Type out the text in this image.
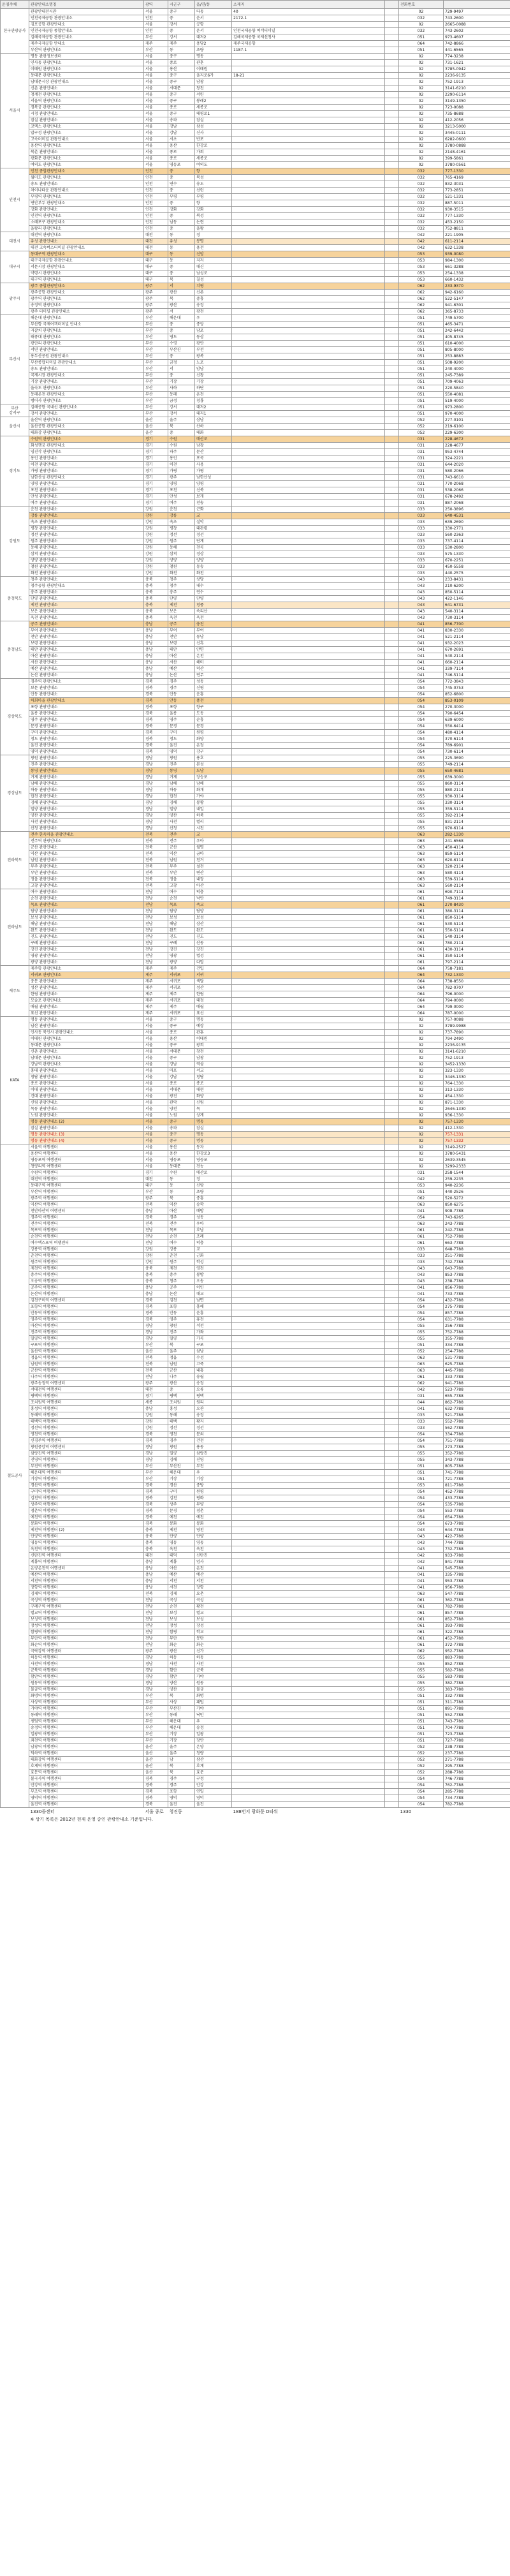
운영주체	관광안내소명칭	광역	시군구	읍/면/동	소재지		전화번호	
한국관광공사	관광안내전시관	서울	중구	다동	40		02	729-9497
	인천국제공항 관광안내소	인천	중	운서	2172-1		032	743-2600
	김포공항 관광안내소	서울	강서	공항			02	2665-0088
	인천국제공항 종합안내소	인천	중	운서	인천국제공항 여객터미널		032	743-2602
	김해국제공항 관광안내소	부산	강서	대저2	김해국제공항 국제선청사		051	973-4607
	제주국제공항 안내소	제주	제주	용담2	제주국제공항		064	742-8866
	부산역 관광안내소	부산	동	초량	1187-1		051	441-6565
서울시	명동 관광정보센터	서울	중구	명동			02	774-3238
	인사동 관광안내소	서울	종로	관훈			02	731-1621
	이태원 관광안내소	서울	용산	이태원			02	3785-0942
	동대문 관광안내소	서울	중구	을지로6가	18-21		02	2236-9135
	남대문시장 관광안내소	서울	중구	남창			02	752-1913
	신촌 관광안내소	서울	서대문	창천			02	3141-6210
	청계천 관광안내소	서울	중구	서린			02	2290-6114
	서울역 관광안내소	서울	중구	봉래2			02	3149-1350
	경복궁 관광안내소	서울	종로	세종로			02	723-0088
	시청 관광안내소	서울	중구	태평로1			02	735-8688
	잠실 관광안내소	서울	송파	잠실			02	412-2056
	코엑스 관광안내소	서울	강남	삼성			02	3213-5000
	압구정 관광안내소	서울	강남	신사			02	3445-0111
	고속터미널 관광안내소	서울	서초	반포			02	6282-0600
	용산역 관광안내소	서울	용산	한강로			02	3780-0888
	북촌 관광안내소	서울	종로	가회			02	2148-4161
	광화문 관광안내소	서울	종로	세종로			02	399-5861
	여의도 관광안내소	서울	영등포	여의도			02	3780-0561
인천시	인천 종합관광안내소	인천	중	항			032	777-1330
	월미도 관광안내소	인천	중	북성			032	765-4169
	송도 관광안내소	인천	연수	송도			032	832-3031
	차이나타운 관광안내소	인천	중	선린			032	773-2851
	부평역 관광안내소	인천	부평	부평			032	521-1331
	연안부두 관광안내소	인천	중	항			032	887-5011
	강화 관광안내소	인천	강화	강화			032	930-3515
	인천역 관광안내소	인천	중	북성			032	777-1330
	소래포구 관광안내소	인천	남동	논현			032	453-2150
	을왕리 관광안내소	인천	중	을왕			032	752-8811
대전시	대전역 관광안내소	대전	동	정			042	221-1905
	유성 관광안내소	대전	유성	봉명			042	611-2114
	대전 고속버스터미널 관광안내소	대전	동	용전			042	632-1338
대구시	동대구역 관광안내소	대구	동	신암			053	939-0080
	대구국제공항 관광안내소	대구	동	지저			053	984-1300
	서문시장 관광안내소	대구	중	대신			053	661-3288
	약령시 관광안내소	대구	중	남성로			053	254-1338
	대구역 관광안내소	대구	북	칠성			053	660-1432
광주시	광주 종합관광안내소	광주	서	치평			062	233-9370
	광주공항 관광안내소	광주	광산	신촌			062	942-6160
	광주역 관광안내소	광주	북	중흥			062	522-5147
	송정역 관광안내소	광주	광산	송정			062	941-6301
	광주 터미널 관광안내소	광주	서	광천			062	365-8733
부산시	해운대 관광안내소	부산	해운대	우			051	749-5700
	부산항 국제여객터미널 안내소	부산	중	중앙			051	465-3471
	자갈치 관광안내소	부산	중	남포			051	242-6442
	태종대 관광안내소	부산	영도	동삼			051	405-8745
	광안리 관광안내소	부산	수영	광안			051	610-4000
	서면 관광안내소	부산	부산진	부전			051	805-8000
	용두산공원 관광안내소	부산	중	광복			051	253-8883
	부산종합터미널 관광안내소	부산	금정	노포			051	508-9200
	송도 관광안내소	부산	서	암남			051	240-4000
	국제시장 관광안내소	부산	중	신창			051	245-7389
	기장 관광안내소	부산	기장	기장			051	709-4063
	을숙도 관광안내소	부산	사하	하단			051	220-5840
	동래온천 관광안내소	부산	동래	온천			051	550-4081
	범어사 관광안내소	부산	금정	청룡			051	519-4000
부산
강서구	김해공항 국내선 관광안내소	부산	강서	대저2			051	973-2800
	강서 관광안내소	부산	강서	대저1			051	970-4000
울산시	울산역 관광안내소	울산	울주	삼남			052	277-0101
	울산공항 관광안내소	울산	북	산하			052	219-6100
	태화강 관광안내소	울산	중	태화			052	229-6300
경기도	수원역 관광안내소	경기	수원	매산로			031	228-4672
	화성행궁 관광안내소	경기	수원	남창			031	228-4677
	임진각 관광안내소	경기	파주	문산			031	953-4744
	용인 관광안내소	경기	용인	포곡			031	324-2221
	이천 관광안내소	경기	이천	사음			031	644-2020
	가평 관광안내소	경기	가평	가평			031	580-2066
	남한산성 관광안내소	경기	광주	남한산성			031	743-6610
	양평 관광안내소	경기	양평	양평			031	770-2068
	포천 관광안내소	경기	포천	신북			031	538-2066
	안성 관광안내소	경기	안성	보개			031	678-2492
	여주 관광안내소	경기	여주	천송			031	887-2068
강원도	춘천 관광안내소	강원	춘천	근화			033	250-3896
	강릉 관광안내소	강원	강릉	교			033	640-4531
	속초 관광안내소	강원	속초	설악			033	639-2690
	평창 관광안내소	강원	평창	대관령			033	330-2771
	정선 관광안내소	강원	정선	정선			033	560-2363
	원주 관광안내소	강원	원주	단계			033	737-4114
	동해 관광안내소	강원	동해	천곡			033	530-2800
	삼척 관광안내소	강원	삼척	정상			033	575-1330
	양양 관광안내소	강원	양양	양양			033	670-2251
	철원 관광안내소	강원	철원	동송			033	450-5558
	화천 관광안내소	강원	화천	화천			033	440-2575
충청북도	청주 관광안내소	충북	청주	상당			043	233-8431
	청주공항 관광안내소	충북	청주	내수			043	210-6200
	충주 관광안내소	충북	충주	연수			043	850-5114
	단양 관광안내소	충북	단양	단양			043	422-1146
	제천 관광안내소	충북	제천	청풍			043	641-6731
	보은 관광안내소	충북	보은	속리산			043	540-3114
	옥천 관광안내소	충북	옥천	옥천			043	730-3114
충청남도	공주 관광안내소	충남	공주	웅진			041	856-7700
	부여 관광안내소	충남	부여	부여			041	830-2330
	천안 관광안내소	충남	천안	동남			041	521-2114
	보령 관광안내소	충남	보령	신흑			041	932-2023
	태안 관광안내소	충남	태안	안면			041	670-2691
	아산 관광안내소	충남	아산	온천			041	540-2114
	서산 관광안내소	충남	서산	해미			041	660-2114
	예산 관광안내소	충남	예산	덕산			041	339-7114
	논산 관광안내소	충남	논산	연무			041	746-5114
경상북도	경주역 관광안내소	경북	경주	성동			054	772-3843
	보문 관광안내소	경북	경주	신평			054	745-0753
	안동 관광안내소	경북	안동	운흥			054	852-6800
	하회마을 관광안내소	경북	안동	풍천			054	853-0109
	포항 관광안내소	경북	포항	항구			054	270-3000
	울릉 관광안내소	경북	울릉	도동			054	790-6454
	영주 관광안내소	경북	영주	순흥			054	639-6000
	문경 관광안내소	경북	문경	문경			054	550-6414
	구미 관광안내소	경북	구미	원평			054	480-4114
	청도 관광안내소	경북	청도	화양			054	370-6114
	울진 관광안내소	경북	울진	온정			054	789-6901
	영덕 관광안내소	경북	영덕	강구			054	730-6114
경상남도	창원 관광안내소	경남	창원	용호			055	225-3690
	진주 관광안내소	경남	진주	본성			055	749-2114
	통영 관광안내소	경남	통영	도남			055	650-4681
	거제 관광안내소	경남	거제	장승포			055	639-3000
	남해 관광안내소	경남	남해	남해			055	860-3114
	하동 관광안내소	경남	하동	화개			055	880-2114
	합천 관광안내소	경남	합천	가야			055	930-3114
	김해 관광안내소	경남	김해	봉황			055	330-3114
	밀양 관광안내소	경남	밀양	내일			055	359-5114
	양산 관광안내소	경남	양산	하북			055	392-2114
	사천 관광안내소	경남	사천	벌리			055	831-2114
	산청 관광안내소	경남	산청	시천			055	970-6114
전라북도	전주 한옥마을 관광안내소	전북	전주	교			063	282-1330
	전주역 관광안내소	전북	전주	우아			063	241-6568
	군산 관광안내소	전북	군산	월명			063	450-4114
	익산 관광안내소	전북	익산	금마			063	859-5114
	남원 관광안내소	전북	남원	천거			063	620-6114
	무주 관광안내소	전북	무주	설천			063	320-2114
	부안 관광안내소	전북	부안	변산			063	580-4114
	정읍 관광안내소	전북	정읍	내장			063	539-5114
	고창 관광안내소	전북	고창	아산			063	560-2114
전라남도	여수 관광안내소	전남	여수	덕충			061	690-7114
	순천 관광안내소	전남	순천	낙안			061	749-3114
	목포 관광안내소	전남	목포	죽교			061	270-8430
	담양 관광안내소	전남	담양	담양			061	380-3114
	보성 관광안내소	전남	보성	보성			061	850-5114
	해남 관광안내소	전남	해남	삼산			061	530-5114
	완도 관광안내소	전남	완도	완도			061	550-5114
	진도 관광안내소	전남	진도	진도			061	540-3114
	구례 관광안내소	전남	구례	산동			061	780-2114
	강진 관광안내소	전남	강진	강진			061	430-3114
	영광 관광안내소	전남	영광	법성			061	350-5114
	광양 관광안내소	전남	광양	다압			061	797-2114
제주도	제주항 관광안내소	제주	제주	건입			064	758-7181
	서귀포 관광안내소	제주	서귀포	서귀			064	732-1330
	중문 관광안내소	제주	서귀포	색달			064	738-8550
	성산 관광안내소	제주	서귀포	성산			064	782-0707
	한림 관광안내소	제주	제주	한림			064	796-0000
	모슬포 관광안내소	제주	서귀포	대정			064	794-0000
	애월 관광안내소	제주	제주	애월			064	799-0000
	표선 관광안내소	제주	서귀포	표선			064	787-0000
KATA	명동 관광안내소	서울	중구	명동			02	757-0088
	남산 관광안내소	서울	중구	예장			02	3789-9988
	인사동 북인사 관광안내소	서울	종로	관훈			02	737-7890
	이태원 관광안내소	서울	용산	이태원			02	794-2490
	동대문 관광안내소	서울	중구	광희			02	2236-9135
	신촌 관광안내소	서울	서대문	창천			02	3141-6210
	남대문 관광안내소	서울	중구	남창			02	752-1913
	강남역 관광안내소	서울	강남	역삼			02	3452-1330
	홍대 관광안내소	서울	마포	서교			02	323-1330
	청담 관광안내소	서울	강남	청담			02	3446-1330
	종로 관광안내소	서울	종로	종로			02	764-1330
	이대 관광안내소	서울	서대문	대현			02	313-1330
	건대 관광안내소	서울	광진	화양			02	454-1330
	신림 관광안내소	서울	관악	신림			02	871-1330
	목동 관광안내소	서울	양천	목			02	2646-1330
	노원 관광안내소	서울	노원	상계			02	936-1330
	명동 관광안내소 (2)	서울	중구	명동			02	757-1330
	잠실 관광안내소	서울	송파	잠실			02	412-1330
	명동 관광안내소 (3)	서울	중구	명동			02	757-1331
	명동 관광안내소 (4)	서울	중구	명동			02	757-1332
철도공사	서울역 여행센터	서울	용산	동자			02	3149-2527
	용산역 여행센터	서울	용산	한강로3			02	3780-5431
	영등포역 여행센터	서울	영등포	영등포			02	2639-3545
	청량리역 여행센터	서울	동대문	전농			02	3299-2333
	수원역 여행센터	경기	수원	매산로			031	258-1544
	대전역 여행센터	대전	동	정			042	259-2235
	동대구역 여행센터	대구	동	신암			053	940-2236
	부산역 여행센터	부산	동	초량			051	440-2526
	광주역 여행센터	광주	북	중흥			062	520-5272
	익산역 여행센터	전북	익산	송학			063	850-6275
	천안아산역 여행센터	충남	아산	배방			041	908-7788
	경주역 여행센터	경북	경주	성동			054	743-6265
	전주역 여행센터	전북	전주	우아			063	243-7788
	목포역 여행센터	전남	목포	호남			061	242-7788
	순천역 여행센터	전남	순천	조례			061	752-7788
	여수엑스포역 여행센터	전남	여수	덕충			061	663-7788
	강릉역 여행센터	강원	강릉	교			033	648-7788
	춘천역 여행센터	강원	춘천	근화			033	251-7788
	원주역 여행센터	강원	원주	학성			033	742-7788
	제천역 여행센터	충북	제천	영천			043	643-7788
	충주역 여행센터	충북	충주	봉방			043	853-7788
	오송역 여행센터	충북	청주	오송			043	238-7788
	공주역 여행센터	충남	공주	이인			041	856-7788
	논산역 여행센터	충남	논산	대교			041	733-7788
	김천구미역 여행센터	경북	김천	남면			054	432-7788
	포항역 여행센터	경북	포항	흥해			054	275-7788
	안동역 여행센터	경북	안동	운흥			054	857-7788
	영주역 여행센터	경북	영주	휴천			054	631-7788
	마산역 여행센터	경남	창원	석전			055	256-7788
	진주역 여행센터	경남	진주	가좌			055	752-7788
	밀양역 여행센터	경남	밀양	가곡			055	355-7788
	구포역 여행센터	부산	북	구포			051	334-7788
	울산역 여행센터	울산	울주	삼남			052	254-7788
	정읍역 여행센터	전북	정읍	수성			063	531-7788
	남원역 여행센터	전북	남원	고죽			063	625-7788
	군산역 여행센터	전북	군산	내흥			063	445-7788
	나주역 여행센터	전남	나주	송월			061	333-7788
	광주송정역 여행센터	광주	광산	송정			062	941-7788
	서대전역 여행센터	대전	중	오류			042	523-7788
	평택역 여행센터	경기	평택	평택			031	655-7788
	조치원역 여행센터	세종	조치원	원리			044	862-7788
	홍성역 여행센터	충남	홍성	오관			041	632-7788
	동해역 여행센터	강원	동해	송정			033	521-7788
	태백역 여행센터	강원	태백	황지			033	552-7788
	정선역 여행센터	강원	정선	정선			033	562-7788
	영천역 여행센터	경북	영천	문외			054	334-7788
	신경주역 여행센터	경북	경주	건천			054	751-7788
	창원중앙역 여행센터	경남	창원	용동			055	273-7788
	삼랑진역 여행센터	경남	밀양	삼랑진			055	352-7788
	진영역 여행센터	경남	김해	진영			055	343-7788
	부전역 여행센터	부산	부산진	부전			051	805-7788
	해운대역 여행센터	부산	해운대	우			051	741-7788
	기장역 여행센터	부산	기장	기장			051	721-7788
	경산역 여행센터	경북	경산	중방			053	811-7788
	구미역 여행센터	경북	구미	원평			054	452-7788
	김천역 여행센터	경북	김천	평화			054	433-7788
	상주역 여행센터	경북	상주	무양			054	535-7788
	점촌역 여행센터	경북	문경	점촌			054	553-7788
	예천역 여행센터	경북	예천	예천			054	654-7788
	봉화역 여행센터	경북	봉화	봉화			054	673-7788
	제천역 여행센터 (2)	충북	제천	영천			043	644-7788
	단양역 여행센터	충북	단양	단양			043	422-7788
	영동역 여행센터	충북	영동	영동			043	744-7788
	옥천역 여행센터	충북	옥천	옥천			043	732-7788
	신탄진역 여행센터	대전	대덕	신탄진			042	933-7788
	계룡역 여행센터	충남	계룡	엄사			042	841-7788
	온양온천역 여행센터	충남	아산	온천			041	545-7788
	예산역 여행센터	충남	예산	예산			041	335-7788
	서천역 여행센터	충남	서천	서천			041	953-7788
	장항역 여행센터	충남	서천	장항			041	956-7788
	김제역 여행센터	전북	김제	요촌			063	547-7788
	곡성역 여행센터	전남	곡성	곡성			061	362-7788
	구례구역 여행센터	전남	순천	황전			061	782-7788
	벌교역 여행센터	전남	보성	벌교			061	857-7788
	보성역 여행센터	전남	보성	보성			061	852-7788
	장성역 여행센터	전남	장성	장성			061	393-7788
	함평역 여행센터	전남	함평	학교			061	322-7788
	무안역 여행센터	전남	무안	몽탄			061	452-7788
	화순역 여행센터	전남	화순	화순			061	372-7788
	극락강역 여행센터	광주	광산	신가			062	952-7788
	하동역 여행센터	경남	하동	하동			055	883-7788
	사천역 여행센터	경남	사천	사천			055	852-7788
	군북역 여행센터	경남	함안	군북			055	582-7788
	함안역 여행센터	경남	함안	가야			055	583-7788
	원동역 여행센터	경남	양산	원동			055	382-7788
	물금역 여행센터	경남	양산	물금			055	383-7788
	화명역 여행센터	부산	북	화명			051	332-7788
	사상역 여행센터	부산	사상	괘법			051	311-7788
	가야역 여행센터	부산	부산진	가야			051	891-7788
	동래역 여행센터	부산	동래	낙민			051	552-7788
	센텀역 여행센터	부산	해운대	우			051	743-7788
	송정역 여행센터	부산	해운대	송정			051	704-7788
	일광역 여행센터	부산	기장	일광			051	723-7788
	좌천역 여행센터	부산	기장	장안			051	727-7788
	남창역 여행센터	울산	울주	온양			052	238-7788
	덕하역 여행센터	울산	울주	청량			052	237-7788
	태화강역 여행센터	울산	남	삼산			052	271-7788
	호계역 여행센터	울산	북	호계			052	295-7788
	효문역 여행센터	울산	북	효문			052	288-7788
	불국사역 여행센터	경북	경주	구정			054	746-7788
	안강역 여행센터	경북	경주	안강			054	762-7788
	부조역 여행센터	경북	포항	연일			054	285-7788
	영덕역 여행센터	경북	영덕	영덕			054	734-7788
	울진역 여행센터	경북	울진	울진			054	782-7788
	1330콜센터	서울 종로	청진동		188번지 광화문 D타워		1330	
	※ 상기 목록은 2012년 현재 운영 중인 관광안내소 기준입니다.							
